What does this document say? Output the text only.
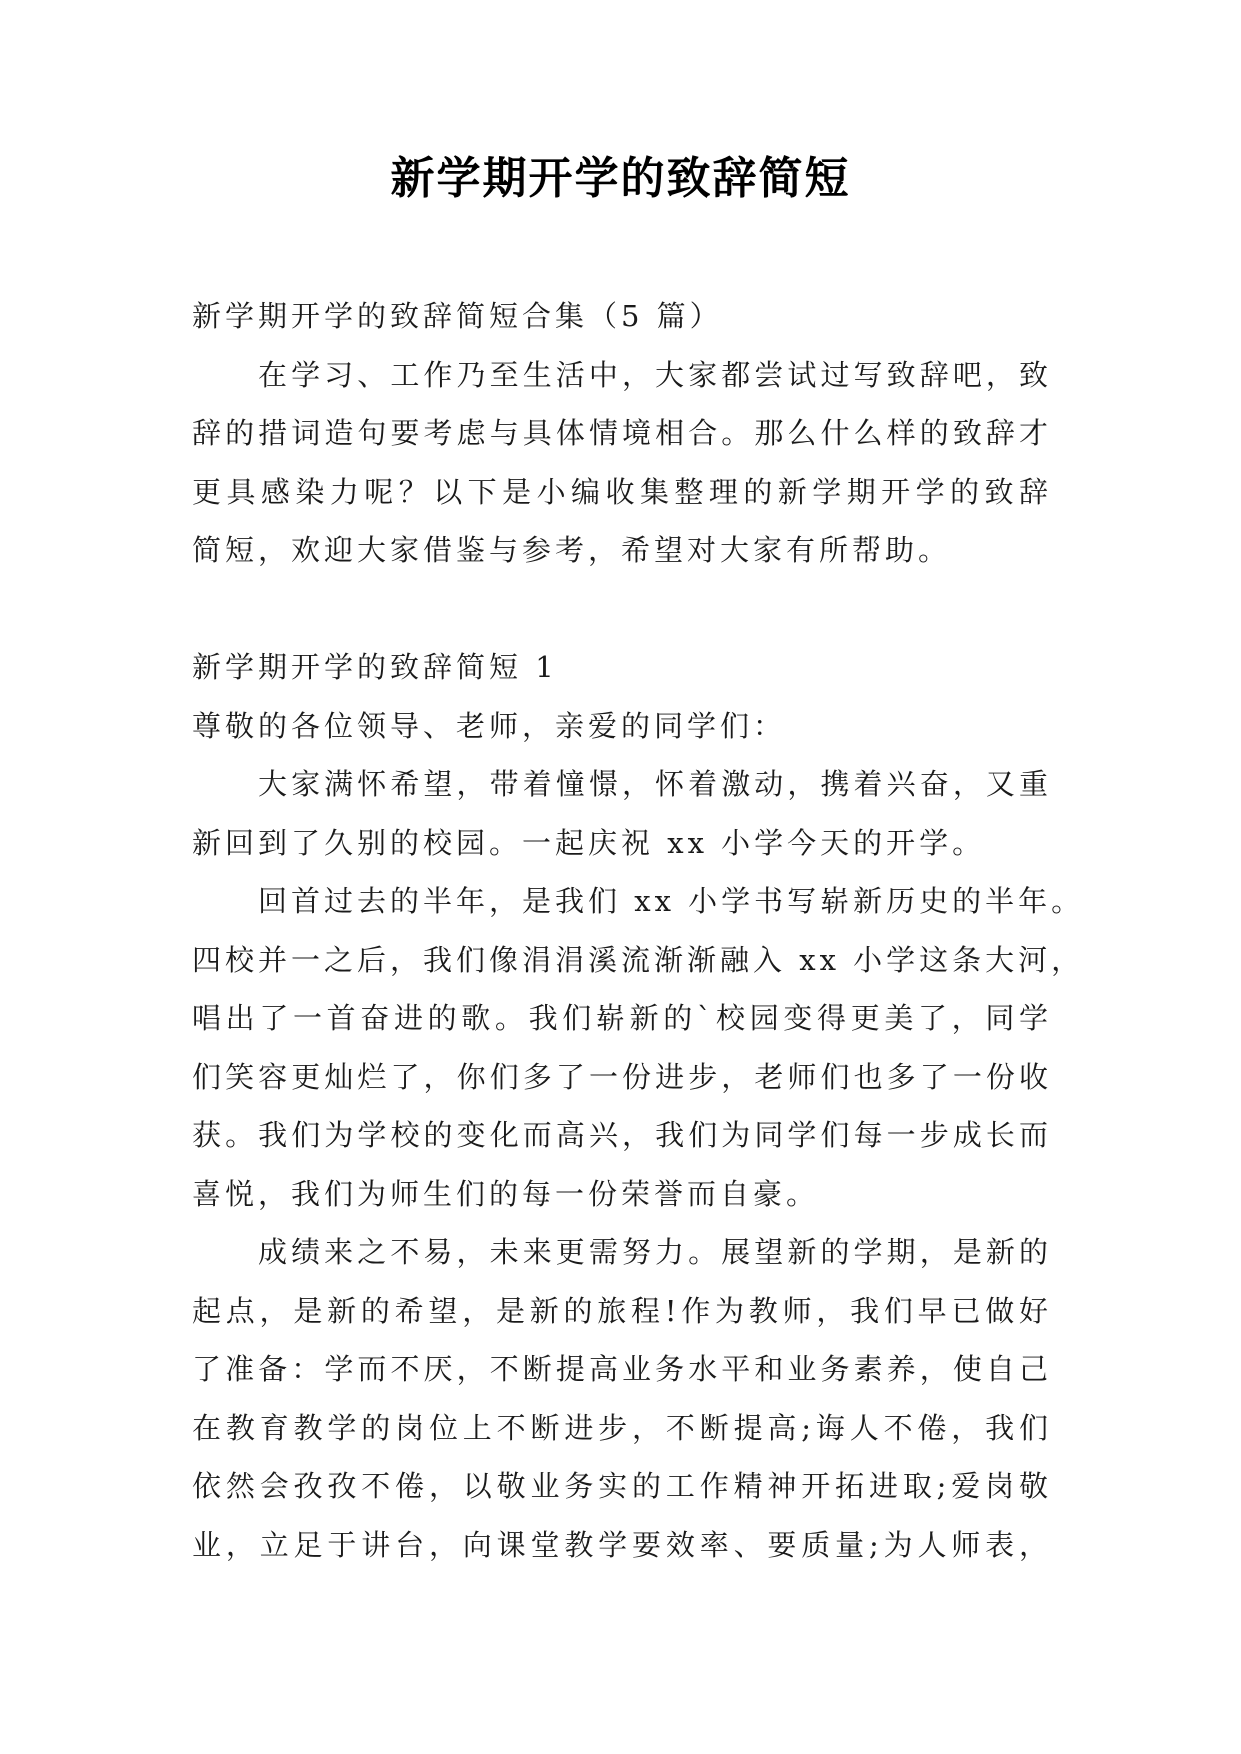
新学期开学的致辞简短
新学期开学的致辞简短合集（5 篇）
在学习、工作乃至生活中，大家都尝试过写致辞吧，致
辞的措词造句要考虑与具体情境相合。那么什么样的致辞才
更具感染力呢？以下是小编收集整理的新学期开学的致辞
简短，欢迎大家借鉴与参考，希望对大家有所帮助。
新学期开学的致辞简短 1
尊敬的各位领导、老师，亲爱的同学们：
大家满怀希望，带着憧憬，怀着激动，携着兴奋，又重
新回到了久别的校园。一起庆祝 xx 小学今天的开学。
回首过去的半年，是我们 xx 小学书写崭新历史的半年。
四校并一之后，我们像涓涓溪流渐渐融入 xx 小学这条大河，
唱出了一首奋进的歌。我们崭新的`校园变得更美了，同学
们笑容更灿烂了，你们多了一份进步，老师们也多了一份收
获。我们为学校的变化而高兴，我们为同学们每一步成长而
喜悦，我们为师生们的每一份荣誉而自豪。
成绩来之不易，未来更需努力。展望新的学期，是新的
起点，是新的希望，是新的旅程!作为教师，我们早已做好
了准备：学而不厌，不断提高业务水平和业务素养，使自己
在教育教学的岗位上不断进步，不断提高;诲人不倦，我们
依然会孜孜不倦，以敬业务实的工作精神开拓进取;爱岗敬
业，立足于讲台，向课堂教学要效率、要质量;为人师表，
